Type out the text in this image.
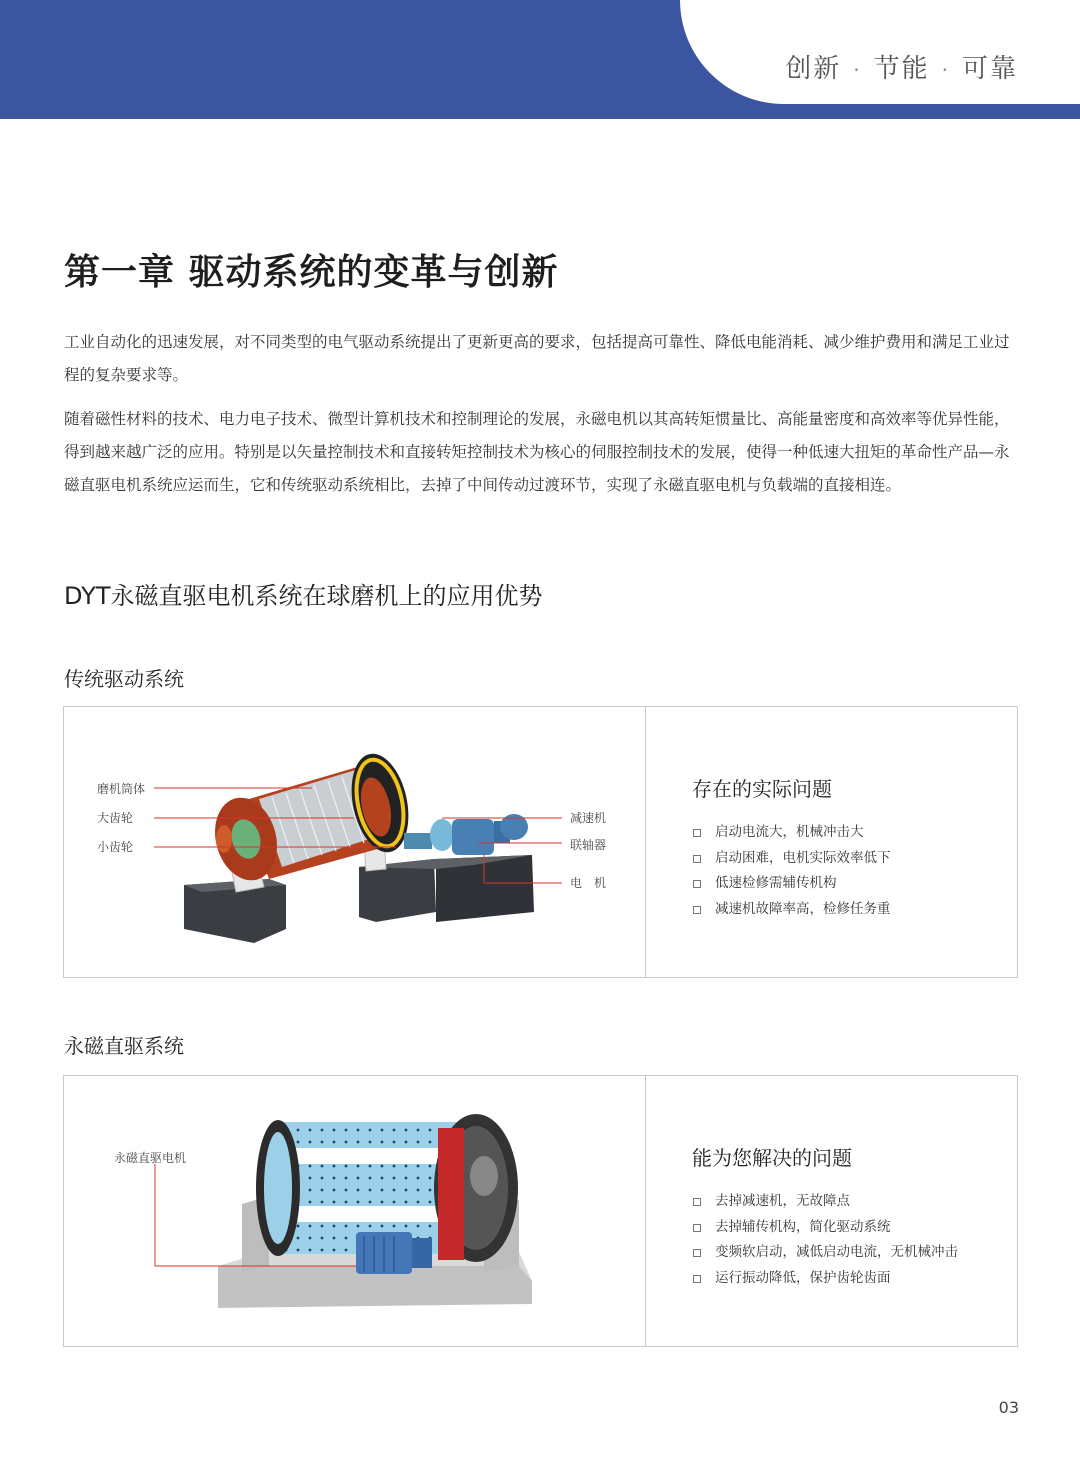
创新 · 节能 · 可靠
第一章 驱动系统的变革与创新

工业自动化的迅速发展，对不同类型的电气驱动系统提出了更新更高的要求，包括提高可靠性、降低电能消耗、减少维护费用和满足工业过程的复杂要求等。

随着磁性材料的技术、电力电子技术、微型计算机技术和控制理论的发展，永磁电机以其高转矩惯量比、高能量密度和高效率等优异性能，得到越来越广泛的应用。特别是以矢量控制技术和直接转矩控制技术为核心的伺服控制技术的发展，使得一种低速大扭矩的革命性产品—永磁直驱电机系统应运而生，它和传统驱动系统相比，去掉了中间传动过渡环节，实现了永磁直驱电机与负载端的直接相连。

DYT永磁直驱电机系统在球磨机上的应用优势
传统驱动系统
磨机筒体
大齿轮
小齿轮
减速机
联轴器
电　机
存在的实际问题
启动电流大，机械冲击大
启动困难，电机实际效率低下
低速检修需辅传机构
减速机故障率高，检修任务重
永磁直驱系统
永磁直驱电机	能为您解决的问题
去掉减速机，无故障点
去掉辅传机构，简化驱动系统
变频软启动，减低启动电流，无机械冲击
运行振动降低，保护齿轮齿面
03
